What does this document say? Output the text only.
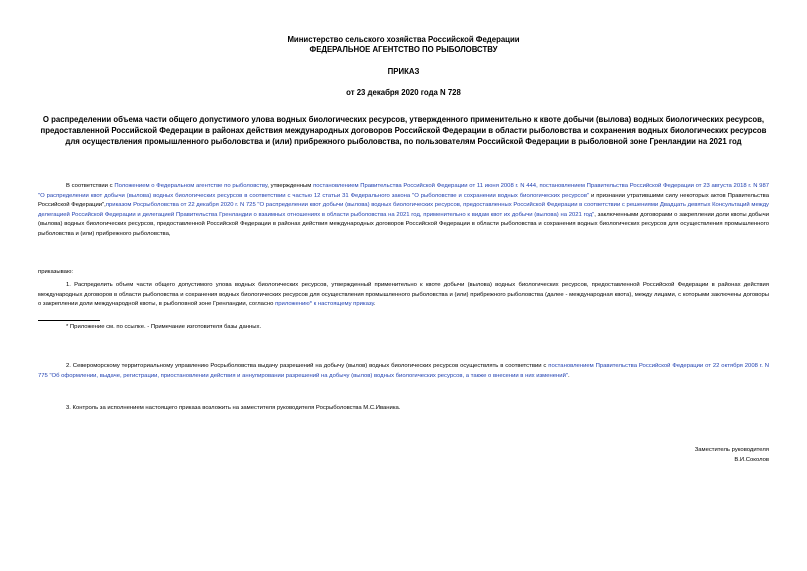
Министерство сельского хозяйства Российской Федерации
ФЕДЕРАЛЬНОЕ АГЕНТСТВО ПО РЫБОЛОВСТВУ
ПРИКАЗ
от 23 декабря 2020 года N 728
О распределении объема части общего допустимого улова водных биологических ресурсов, утвержденного применительно к квоте добычи (вылова) водных биологических ресурсов, предоставленной Российской Федерации в районах действия международных договоров Российской Федерации в области рыболовства и сохранения водных биологических ресурсов для осуществления промышленного рыболовства и (или) прибрежного рыболовства, по пользователям Российской Федерации в рыболовной зоне Гренландии на 2021 год
В соответствии с Положением о Федеральном агентстве по рыболовству, утвержденным постановлением Правительства Российской Федерации от 11 июня 2008 г. N 444, постановлением Правительства Российской Федерации от 23 августа 2018 г. N 987 "О распределении квот добычи (вылова) водных биологических ресурсов в соответствии с частью 12 статьи 31 Федерального закона "О рыболовстве и сохранении водных биологических ресурсов" и признании утратившими силу некоторых актов Правительства Российской Федерации",приказом Росрыболовства от 22 декабря 2020 г. N 725 "О распределении квот добычи (вылова) водных биологических ресурсов, предоставленных Российской Федерации в соответствии с решениями Двадцать девятых Консультаций между делегацией Российской Федерации и делегацией Правительства Гренландии о взаимных отношениях в области рыболовства на 2021 год, применительно к видам квот их добычи (вылова) на 2021 год", заключенными договорами о закреплении доли квоты добычи (вылова) водных биологических ресурсов, предоставленной Российской Федерации в районах действия международных договоров Российской Федерации в области рыболовства и сохранения водных биологических ресурсов для осуществления промышленного рыболовства и (или) прибрежного рыболовства,
приказываю:
1. Распределить объем части общего допустимого улова водных биологических ресурсов, утвержденный применительно к квоте добычи (вылова) водных биологических ресурсов, предоставленной Российской Федерации в районах действия международных договоров в области рыболовства и сохранения водных биологических ресурсов для осуществления промышленного рыболовства и (или) прибрежного рыболовства (далее - международная квота), между лицами, с которыми заключены договоры о закреплении доли международной квоты, в рыболовной зоне Гренландии, согласно приложению* к настоящему приказу.
* Приложение см. по ссылке. - Примечание изготовителя базы данных.
2. Североморскому территориальному управлению Росрыболовства выдачу разрешений на добычу (вылов) водных биологических ресурсов осуществлять в соответствии с постановлением Правительства Российской Федерации от 22 октября 2008 г. N 775 "Об оформлении, выдаче, регистрации, приостановлении действия и аннулировании разрешений на добычу (вылов) водных биологических ресурсов, а также о внесении в них изменений".
3. Контроль за исполнением настоящего приказа возложить на заместителя руководителя Росрыболовства М.С.Иваника.
Заместитель руководителя
В.И.Соколов
